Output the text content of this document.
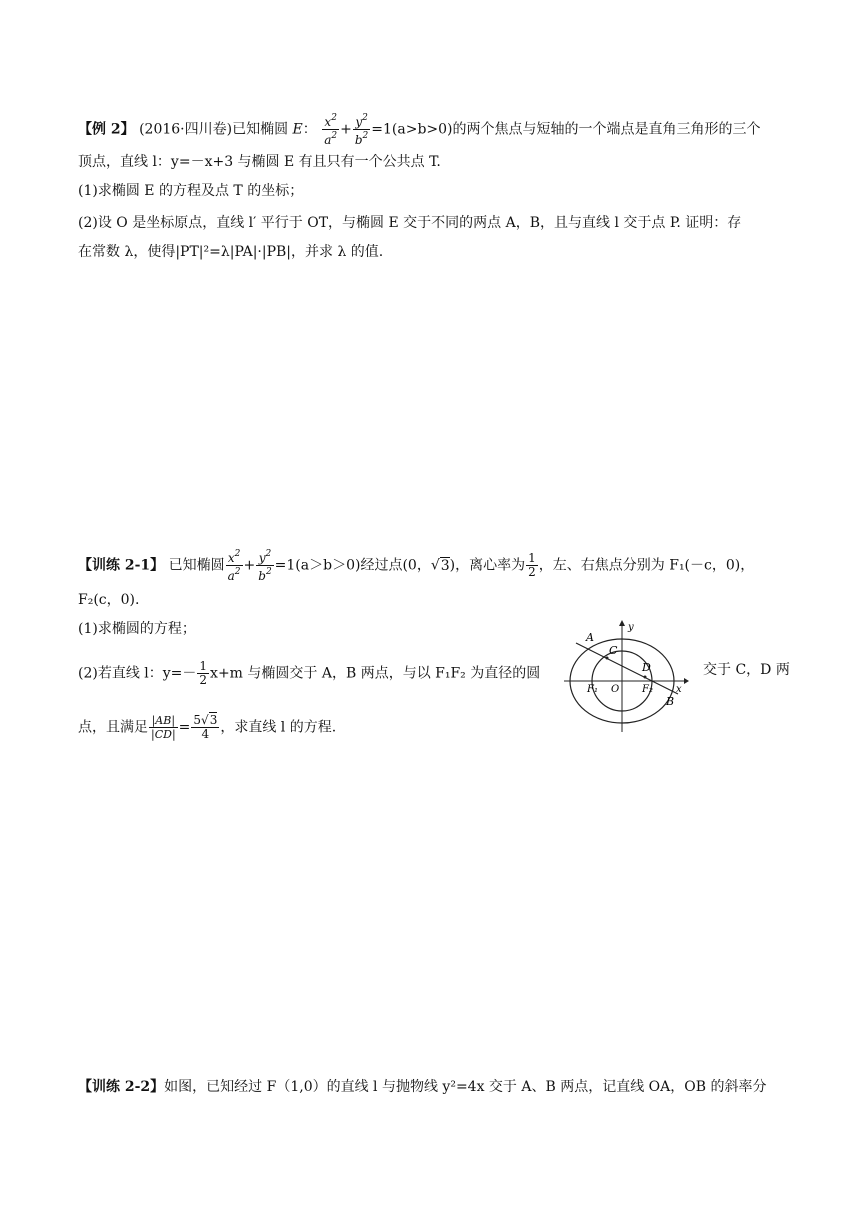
【例 2】 (2016·四川卷)已知椭圆 E： $\frac{x^2}{a^2} + \frac{y^2}{b^2} =1(a>b>0)$的两个焦点与短轴的一个端点是直角三角形的三个
顶点，直线 l：y=－x+3 与椭圆 E 有且只有一个公共点 T.
(1)求椭圆 E 的方程及点 T 的坐标；
(2)设 O 是坐标原点，直线 l′ 平行于 OT，与椭圆 E 交于不同的两点 A，B，且与直线 l 交于点 P. 证明：存
在常数 λ，使得|PT|²=λ|PA|·|PB|，并求 λ 的值.
【训练 2-1】 已知椭圆 $\frac{x^2}{a^2} + \frac{y^2}{b^2} =1(a>b>0)$经过点(0，√3)，离心率为 $\frac{1}{2}$ ，左、右焦点分别为 F₁(－c，0)，
F₂(c，0).
(1)求椭圆的方程；
(2)若直线 l：$y=- \frac{1}{2} x+m$ 与椭圆交于 A，B 两点，与以 F₁F₂ 为直径的圆	交于 C，D 两
点，且满足 $\frac{|AB|}{|CD|} = \frac{5√3}{4}$ ，求直线 l 的方程.
y
x
A
B
C
D
O
F₁	F₂
【训练 2-2】如图，已知经过 F（1,0）的直线 l 与抛物线 y²=4x 交于 A、B 两点，记直线 OA，OB 的斜率分
